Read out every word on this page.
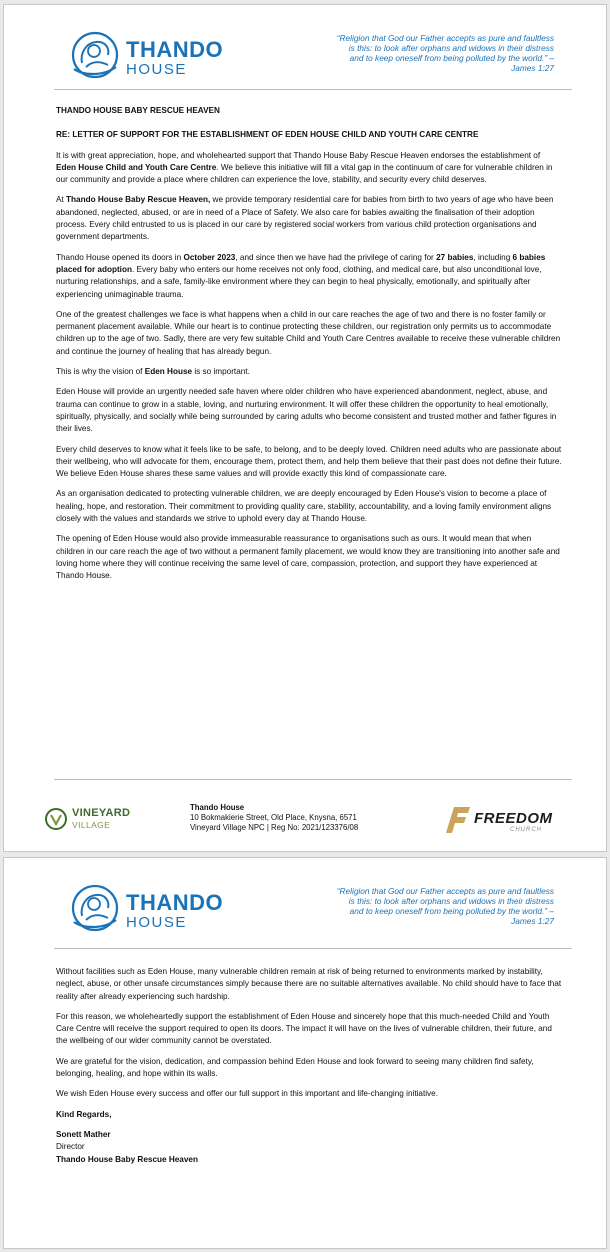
THANDO
HOUSE
“Religion that God our Father accepts as pure and faultless is this: to look after orphans and widows in their distress and to keep oneself from being polluted by the world.” – James 1:27
THANDO HOUSE BABY RESCUE HEAVEN
RE: LETTER OF SUPPORT FOR THE ESTABLISHMENT OF EDEN HOUSE CHILD AND YOUTH CARE CENTRE
It is with great appreciation, hope, and wholehearted support that Thando House Baby Rescue Heaven endorses the establishment of Eden House Child and Youth Care Centre. We believe this initiative will fill a vital gap in the continuum of care for vulnerable children in our community and provide a place where children can experience the love, stability, and security every child deserves.
At Thando House Baby Rescue Heaven, we provide temporary residential care for babies from birth to two years of age who have been abandoned, neglected, abused, or are in need of a Place of Safety. We also care for babies awaiting the finalisation of their adoption process. Every child entrusted to us is placed in our care by registered social workers from various child protection organisations and government departments.
Thando House opened its doors in October 2023, and since then we have had the privilege of caring for 27 babies, including 6 babies placed for adoption. Every baby who enters our home receives not only food, clothing, and medical care, but also unconditional love, nurturing relationships, and a safe, family-like environment where they can begin to heal physically, emotionally, and spiritually after experiencing unimaginable trauma.
One of the greatest challenges we face is what happens when a child in our care reaches the age of two and there is no foster family or permanent placement available. While our heart is to continue protecting these children, our registration only permits us to accommodate children up to the age of two. Sadly, there are very few suitable Child and Youth Care Centres available to receive these vulnerable children and continue the journey of healing that has already begun.
This is why the vision of Eden House is so important.
Eden House will provide an urgently needed safe haven where older children who have experienced abandonment, neglect, abuse, and trauma can continue to grow in a stable, loving, and nurturing environment. It will offer these children the opportunity to heal emotionally, spiritually, physically, and socially while being surrounded by caring adults who become consistent and trusted mother and father figures in their lives.
Every child deserves to know what it feels like to be safe, to belong, and to be deeply loved. Children need adults who are passionate about their wellbeing, who will advocate for them, encourage them, protect them, and help them believe that their past does not define their future. We believe Eden House shares these same values and will provide exactly this kind of compassionate care.
As an organisation dedicated to protecting vulnerable children, we are deeply encouraged by Eden House's vision to become a place of healing, hope, and restoration. Their commitment to providing quality care, stability, accountability, and a loving family environment aligns closely with the values and standards we strive to uphold every day at Thando House.
The opening of Eden House would also provide immeasurable reassurance to organisations such as ours. It would mean that when children in our care reach the age of two without a permanent family placement, we would know they are transitioning into another safe and loving home where they will continue receiving the same level of care, compassion, protection, and support they have experienced at Thando House.
VINEYARD
VILLAGE
Thando House
10 Bokmakierie Street, Old Place, Knysna, 6571
Vineyard Village NPC | Reg No: 2021/123376/08
FREEDOM
CHURCH
THANDO
HOUSE
“Religion that God our Father accepts as pure and faultless is this: to look after orphans and widows in their distress and to keep oneself from being polluted by the world.” – James 1:27
Without facilities such as Eden House, many vulnerable children remain at risk of being returned to environments marked by instability, neglect, abuse, or other unsafe circumstances simply because there are no suitable alternatives available. No child should have to face that reality after already experiencing such hardship.
For this reason, we wholeheartedly support the establishment of Eden House and sincerely hope that this much-needed Child and Youth Care Centre will receive the support required to open its doors. The impact it will have on the lives of vulnerable children, their future, and the wellbeing of our wider community cannot be overstated.
We are grateful for the vision, dedication, and compassion behind Eden House and look forward to seeing many children find safety, belonging, healing, and hope within its walls.
We wish Eden House every success and offer our full support in this important and life-changing initiative.
Kind Regards,
Sonett Mather
Director
Thando House Baby Rescue Heaven
